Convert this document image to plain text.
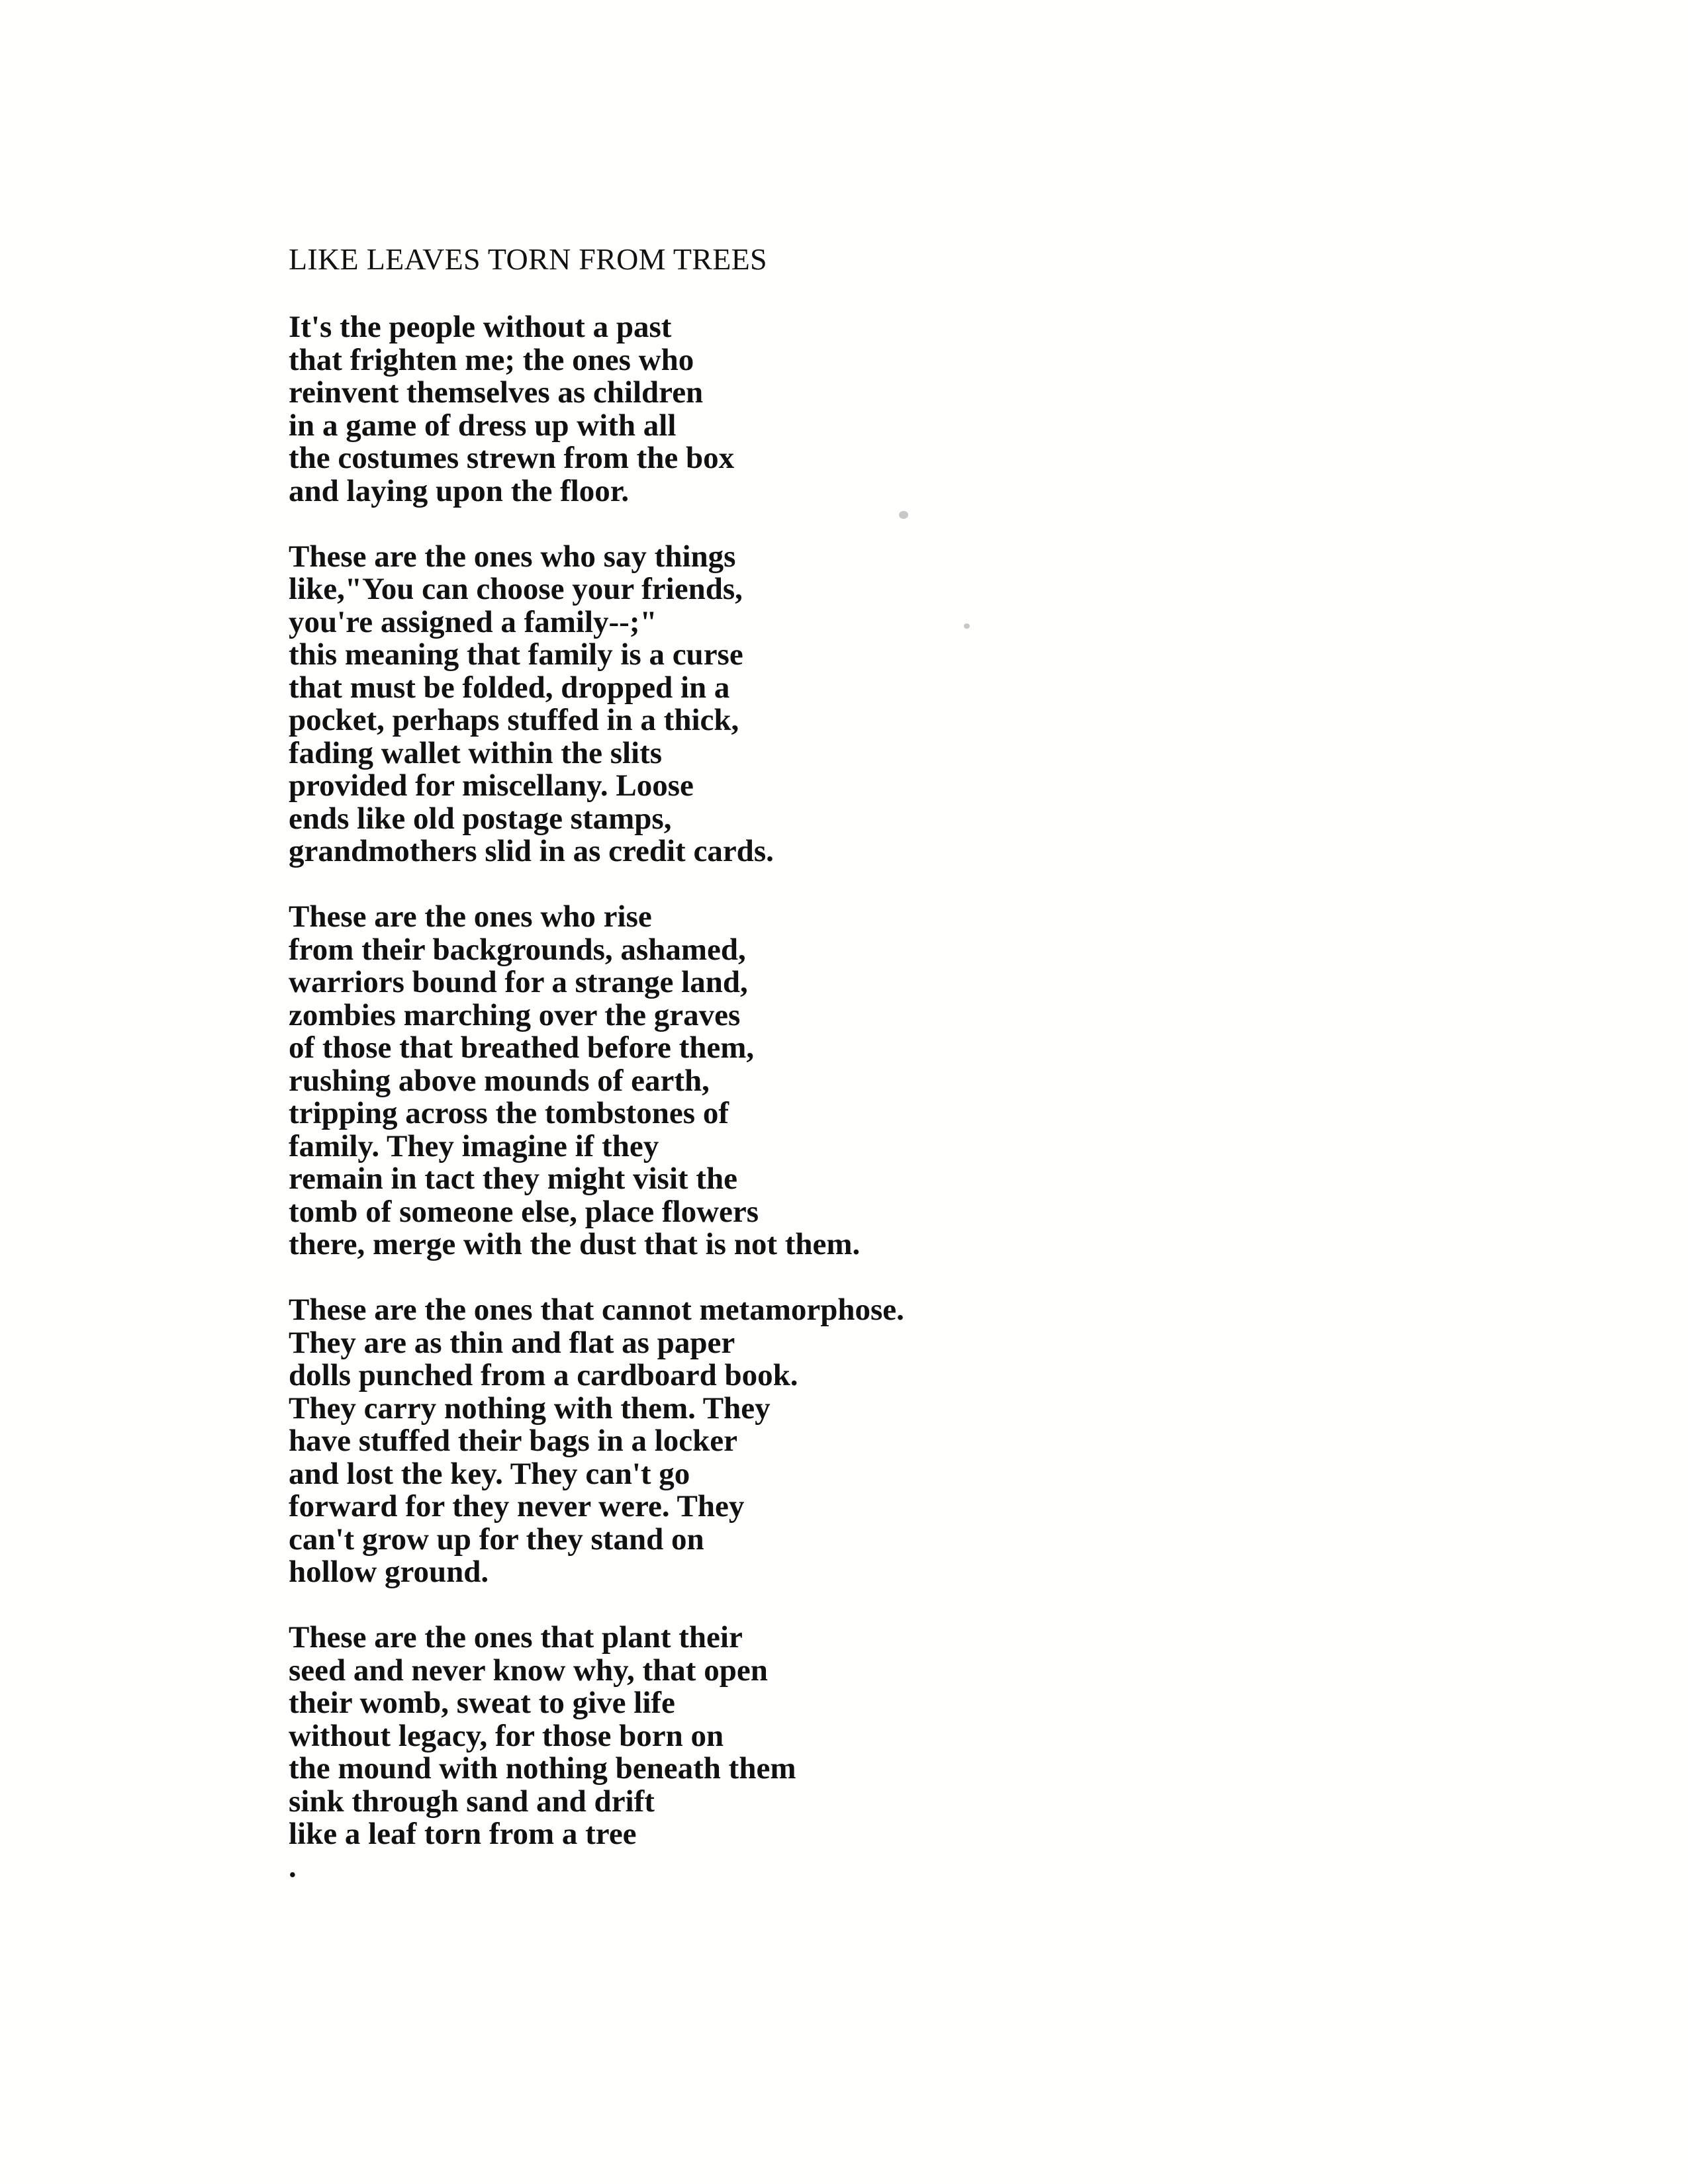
LIKE LEAVES TORN FROM TREES

It's the people without a past
that frighten me; the ones who
reinvent themselves as children
in a game of dress up with all
the costumes strewn from the box
and laying upon the floor.

These are the ones who say things
like,"You can choose your friends,
you're assigned a family--;"
this meaning that family is a curse
that must be folded, dropped in a
pocket, perhaps stuffed in a thick,
fading wallet within the slits
provided for miscellany. Loose
ends like old postage stamps,
grandmothers slid in as credit cards.

These are the ones who rise
from their backgrounds, ashamed,
warriors bound for a strange land,
zombies marching over the graves
of those that breathed before them,
rushing above mounds of earth,
tripping across the tombstones of
family. They imagine if they
remain in tact they might visit the
tomb of someone else, place flowers
there, merge with the dust that is not them.

These are the ones that cannot metamorphose.
They are as thin and flat as paper
dolls punched from a cardboard book.
They carry nothing with them. They
have stuffed their bags in a locker
and lost the key. They can't go
forward for they never were. They
can't grow up for they stand on
hollow ground.

These are the ones that plant their
seed and never know why, that open
their womb, sweat to give life
without legacy, for those born on
the mound with nothing beneath them
sink through sand and drift
like a leaf torn from a tree

.
